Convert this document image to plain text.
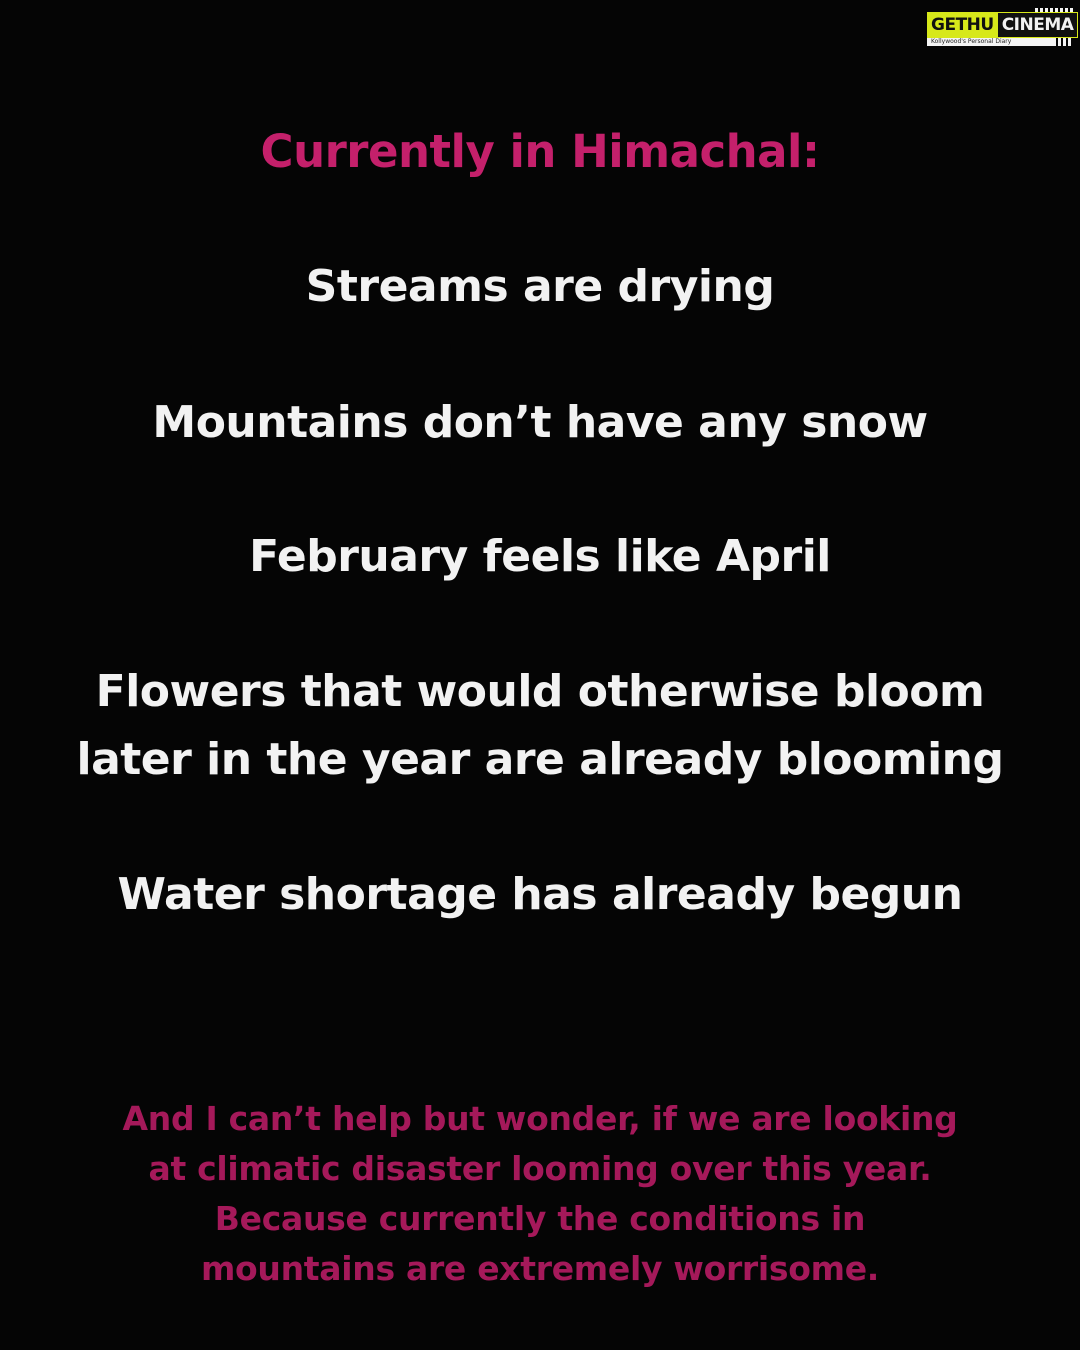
GETHU CINEMA
Kollywood's Personal Diary

Currently in Himachal:

Streams are drying

Mountains don’t have any snow

February feels like April

Flowers that would otherwise bloom

later in the year are already blooming

Water shortage has already begun

And I can’t help but wonder, if we are looking
at climatic disaster looming over this year.
Because currently the conditions in
mountains are extremely worrisome.
